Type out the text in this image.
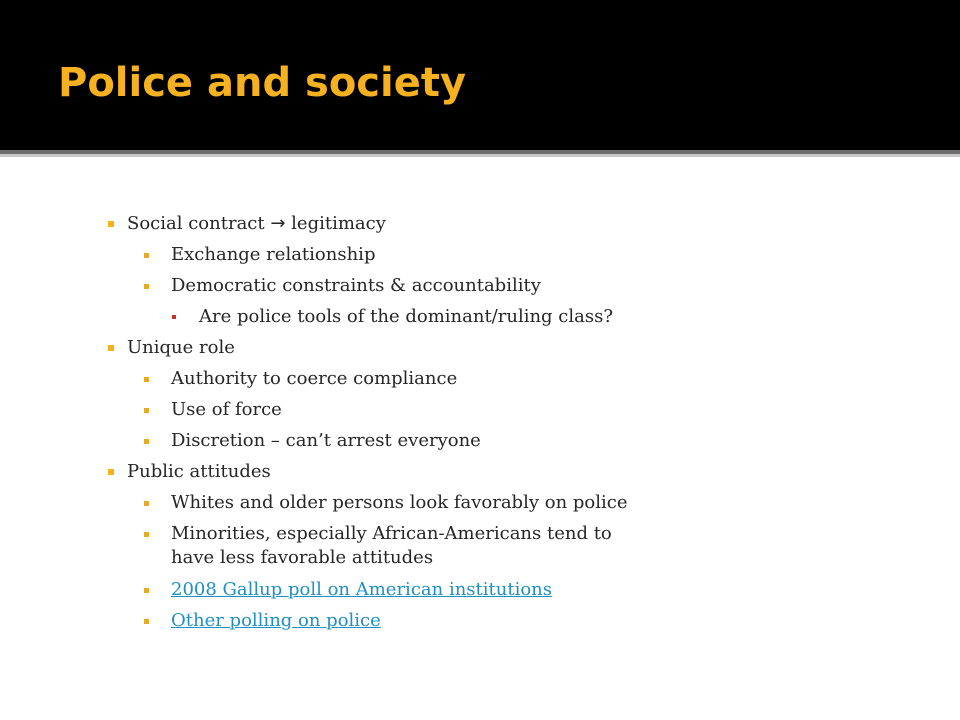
Police and society
Social contract → legitimacy
Exchange relationship
Democratic constraints & accountability
Are police tools of the dominant/ruling class?
Unique role
Authority to coerce compliance
Use of force
Discretion – can’t arrest everyone
Public attitudes
Whites and older persons look favorably on police
Minorities, especially African-Americans tend to
have less favorable attitudes
2008 Gallup poll on American institutions
Other polling on police
